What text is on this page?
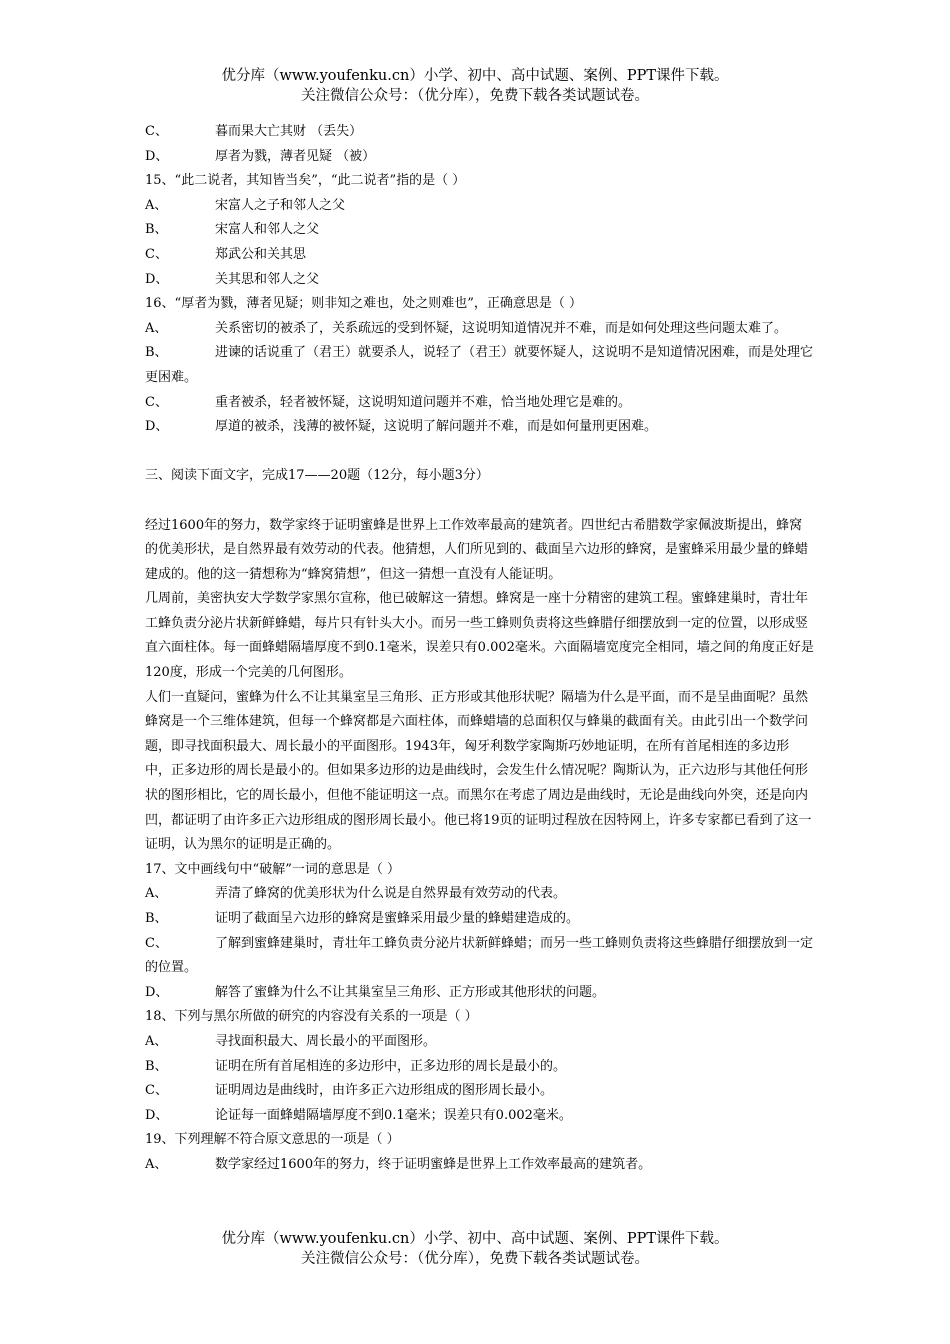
优分库（www.youfenku.cn）小学、初中、高中试题、案例、PPT课件下载。
关注微信公众号：（优分库），免费下载各类试题试卷。
C、	暮而果大亡其财 （丢失）
D、	厚者为戮，薄者见疑 （被）

15、“此二说者，其知皆当矣”，“此二说者”指的是（ ）

A、	宋富人之子和邻人之父
B、	宋富人和邻人之父
C、	郑武公和关其思
D、	关其思和邻人之父

16、“厚者为戮，薄者见疑；则非知之难也，处之则难也”，正确意思是（ ）

A、	关系密切的被杀了，关系疏远的受到怀疑，这说明知道情况并不难，而是如何处理这些问题太难了。

B、	进谏的话说重了（君王）就要杀人，说轻了（君王）就要怀疑人，这说明不是知道情况困难，而是处理它更困难。

C、	重者被杀，轻者被怀疑，这说明知道问题并不难，恰当地处理它是难的。
D、	厚道的被杀，浅薄的被怀疑，这说明了解问题并不难，而是如何量刑更困难。

三、阅读下面文字，完成17——20题（12分，每小题3分）

经过1600年的努力，数学家终于证明蜜蜂是世界上工作效率最高的建筑者。四世纪古希腊数学家佩波斯提出，蜂窝的优美形状，是自然界最有效劳动的代表。他猜想，人们所见到的、截面呈六边形的蜂窝，是蜜蜂采用最少量的蜂蜡建成的。他的这一猜想称为“蜂窝猜想”，但这一猜想一直没有人能证明。

几周前，美密执安大学数学家黑尔宣称，他已破解这一猜想。蜂窝是一座十分精密的建筑工程。蜜蜂建巢时，青壮年工蜂负责分泌片状新鲜蜂蜡，每片只有针头大小。而另一些工蜂则负责将这些蜂腊仔细摆放到一定的位置，以形成竖直六面柱体。每一面蜂蜡隔墙厚度不到0.1毫米，误差只有0.002毫米。六面隔墙宽度完全相同，墙之间的角度正好是120度，形成一个完美的几何图形。

人们一直疑问，蜜蜂为什么不让其巢室呈三角形、正方形或其他形状呢？隔墙为什么是平面，而不是呈曲面呢？虽然蜂窝是一个三维体建筑，但每一个蜂窝都是六面柱体，而蜂蜡墙的总面积仅与蜂巢的截面有关。由此引出一个数学问题，即寻找面积最大、周长最小的平面图形。1943年，匈牙利数学家陶斯巧妙地证明，在所有首尾相连的多边形中，正多边形的周长是最小的。但如果多边形的边是曲线时，会发生什么情况呢？陶斯认为，正六边形与其他任何形状的图形相比，它的周长最小，但他不能证明这一点。而黑尔在考虑了周边是曲线时，无论是曲线向外突，还是向内凹，都证明了由许多正六边形组成的图形周长最小。他已将19页的证明过程放在因特网上，许多专家都已看到了这一证明，认为黑尔的证明是正确的。

17、文中画线句中“破解”一词的意思是（ ）

A、	弄清了蜂窝的优美形状为什么说是自然界最有效劳动的代表。
B、	证明了截面呈六边形的蜂窝是蜜蜂采用最少量的蜂蜡建造成的。

C、	了解到蜜蜂建巢时，青壮年工蜂负责分泌片状新鲜蜂蜡；而另一些工蜂则负责将这些蜂腊仔细摆放到一定的位置。

D、	解答了蜜蜂为什么不让其巢室呈三角形、正方形或其他形状的问题。

18、下列与黑尔所做的研究的内容没有关系的一项是（ ）

A、	寻找面积最大、周长最小的平面图形。
B、	证明在所有首尾相连的多边形中，正多边形的周长是最小的。
C、	证明周边是曲线时，由许多正六边形组成的图形周长最小。
D、	论证每一面蜂蜡隔墙厚度不到0.1毫米；误差只有0.002毫米。

19、下列理解不符合原文意思的一项是（ ）

A、	数学家经过1600年的努力，终于证明蜜蜂是世界上工作效率最高的建筑者。
优分库（www.youfenku.cn）小学、初中、高中试题、案例、PPT课件下载。
关注微信公众号：（优分库），免费下载各类试题试卷。
